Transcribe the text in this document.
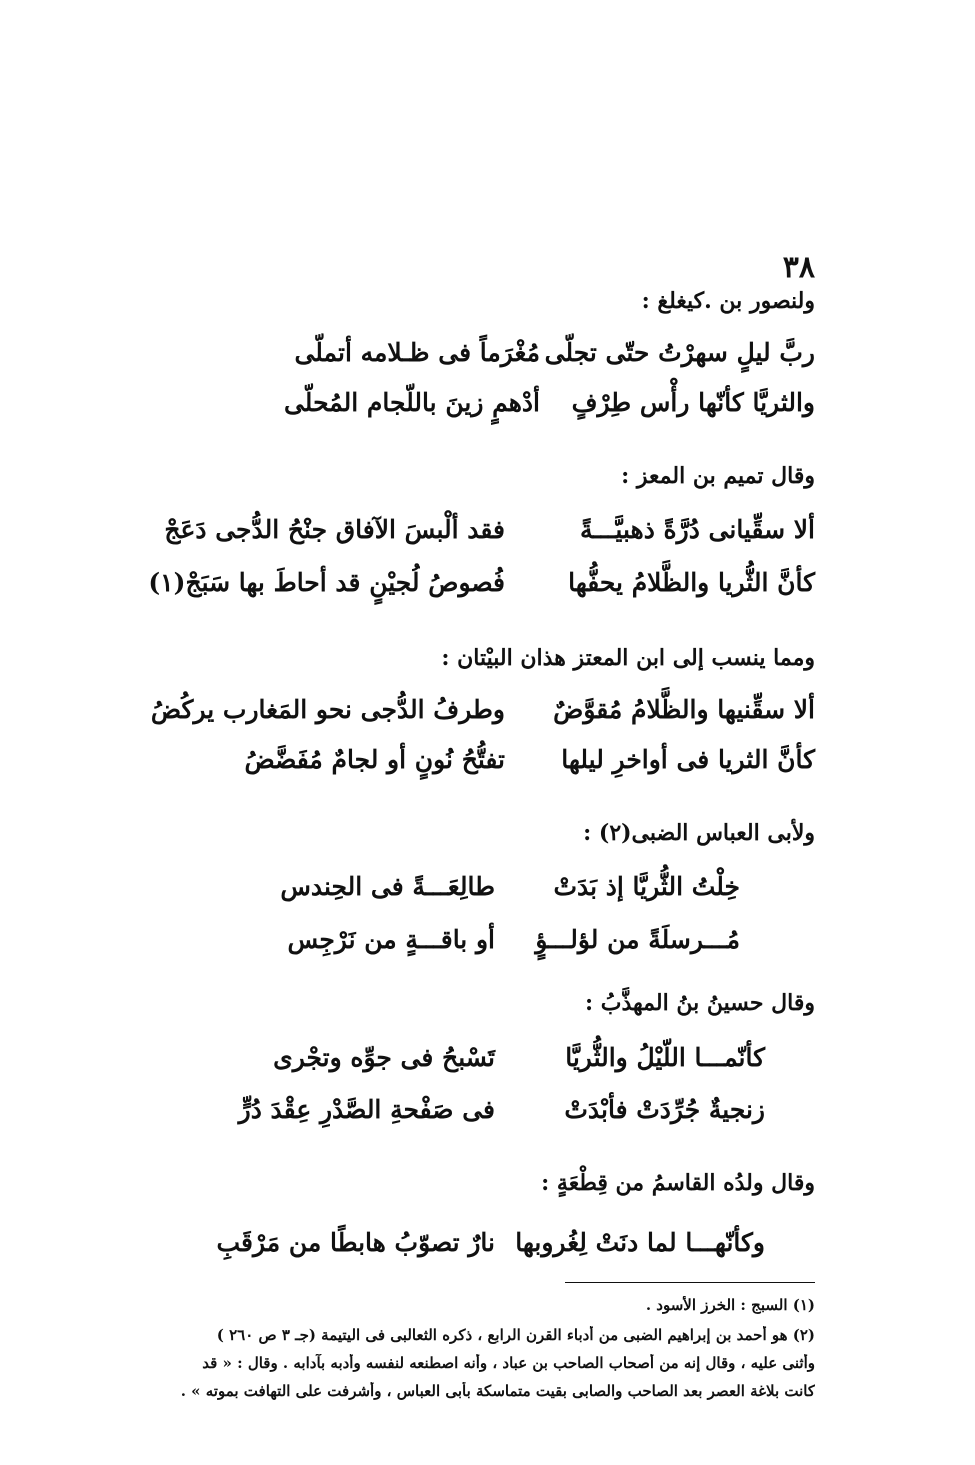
٣٨
ولنصور بن .كيغلغ :
ربَّ ليلٍ سهرْتُ حتّى تجلّى
مُغْرَماً فى ظـلامه أتملّى
والثريَّا كأنّها رأْس طِرْفٍ
أدْهمٍ زينَ باللّجام المُحلّى
وقال تميم بن المعز :
ألا سقِّيانى دُرَّةً ذهبيَّـــةً
فقد ألْبسَ الآفاق جنْحُ الدُّجى دَعَجْ
كأنَّ الثُّريا والظَّلامُ يحفُّها
فُصوصُ لُجيْنٍ قد أحاطَ بها سَبَجْ(١)
ومما ينسب إلى ابن المعتز هذان البيْتان :
ألا سقِّنيها والظَّلامُ مُقوَّضٌ
وطرفُ الدُّجى نحو المَغارب يركُضُ
كأنَّ الثريا فى أواخرِ ليلها
تفتُّحُ نُونٍ أو لجامٌ مُفَضَّضُ
ولأبى العباس الضبى(٢) :
خِلْتُ الثُّريَّا إذ بَدَتْ
طالِعَـــةً فى الحِندس
مُـــرسلَةً من لؤلـــؤٍ
أو باقـــةٍ من نَرْجِس
وقال حسينُ بنُ المهذَّبُ :
كأنّمـــا اللّيْلُ والثُّريَّا
تَسْبحُ فى جوِّه وتجْرى
زنجيةٌ جُرِّدَتْ فأبْدَتْ
فى صَفْحةِ الصَّدْرِ عِقْدَ دُرٍّ
وقال ولدُه القاسمُ من قِطْعَةٍ :
وكأنّهـــا لما دنَتْ لِغُروبها
نارٌ تصوّبُ هابطًا من مَرْقَبِ
(١) السبج : الخرز الأسود .
(٢) هو أحمد بن إبراهيم الضبى من أدباء القرن الرابع ، ذكره الثعالبى فى اليتيمة (جـ ٣ ص ٢٦٠ )
وأثنى عليه ، وقال إنه من أصحاب الصاحب بن عباد ، وأنه اصطنعه لنفسه وأدبه بآدابه . وقال : « قد
كانت بلاغة العصر بعد الصاحب والصابى بقيت متماسكة بأبى العباس ، وأشرفت على التهافت بموته » .
